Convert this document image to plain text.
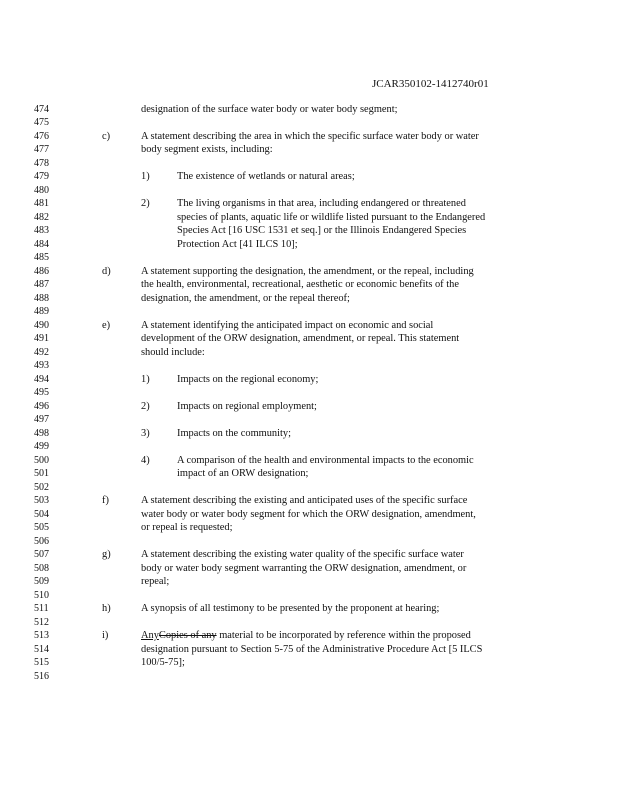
JCAR350102-1412740r01
474
475
476
477
478
479
480
481
482
483
484
485
486
487
488
489
490
491
492
493
494
495
496
497
498
499
500
501
502
503
504
505
506
507
508
509
510
511
512
513
514
515
516
designation of the surface water body or water body segment;
c)	A statement describing the area in which the specific surface water body or water
body segment exists, including:
1)	The existence of wetlands or natural areas;
2)	The living organisms in that area, including endangered or threatened
species of plants, aquatic life or wildlife listed pursuant to the Endangered
Species Act [16 USC 1531 et seq.] or the Illinois Endangered Species
Protection Act [41 ILCS 10];
d)	A statement supporting the designation, the amendment, or the repeal, including
the health, environmental, recreational, aesthetic or economic benefits of the
designation, the amendment, or the repeal thereof;
e)	A statement identifying the anticipated impact on economic and social
development of the ORW designation, amendment, or repeal. This statement
should include:
1)	Impacts on the regional economy;
2)	Impacts on regional employment;
3)	Impacts on the community;
4)	A comparison of the health and environmental impacts to the economic
impact of an ORW designation;
f)	A statement describing the existing and anticipated uses of the specific surface
water body or water body segment for which the ORW designation, amendment,
or repeal is requested;
g)	A statement describing the existing water quality of the specific surface water
body or water body segment warranting the ORW designation, amendment, or
repeal;
h)	A synopsis of all testimony to be presented by the proponent at hearing;
i)	AnyCopies of any material to be incorporated by reference within the proposed
designation pursuant to Section 5-75 of the Administrative Procedure Act [5 ILCS
100/5-75];
